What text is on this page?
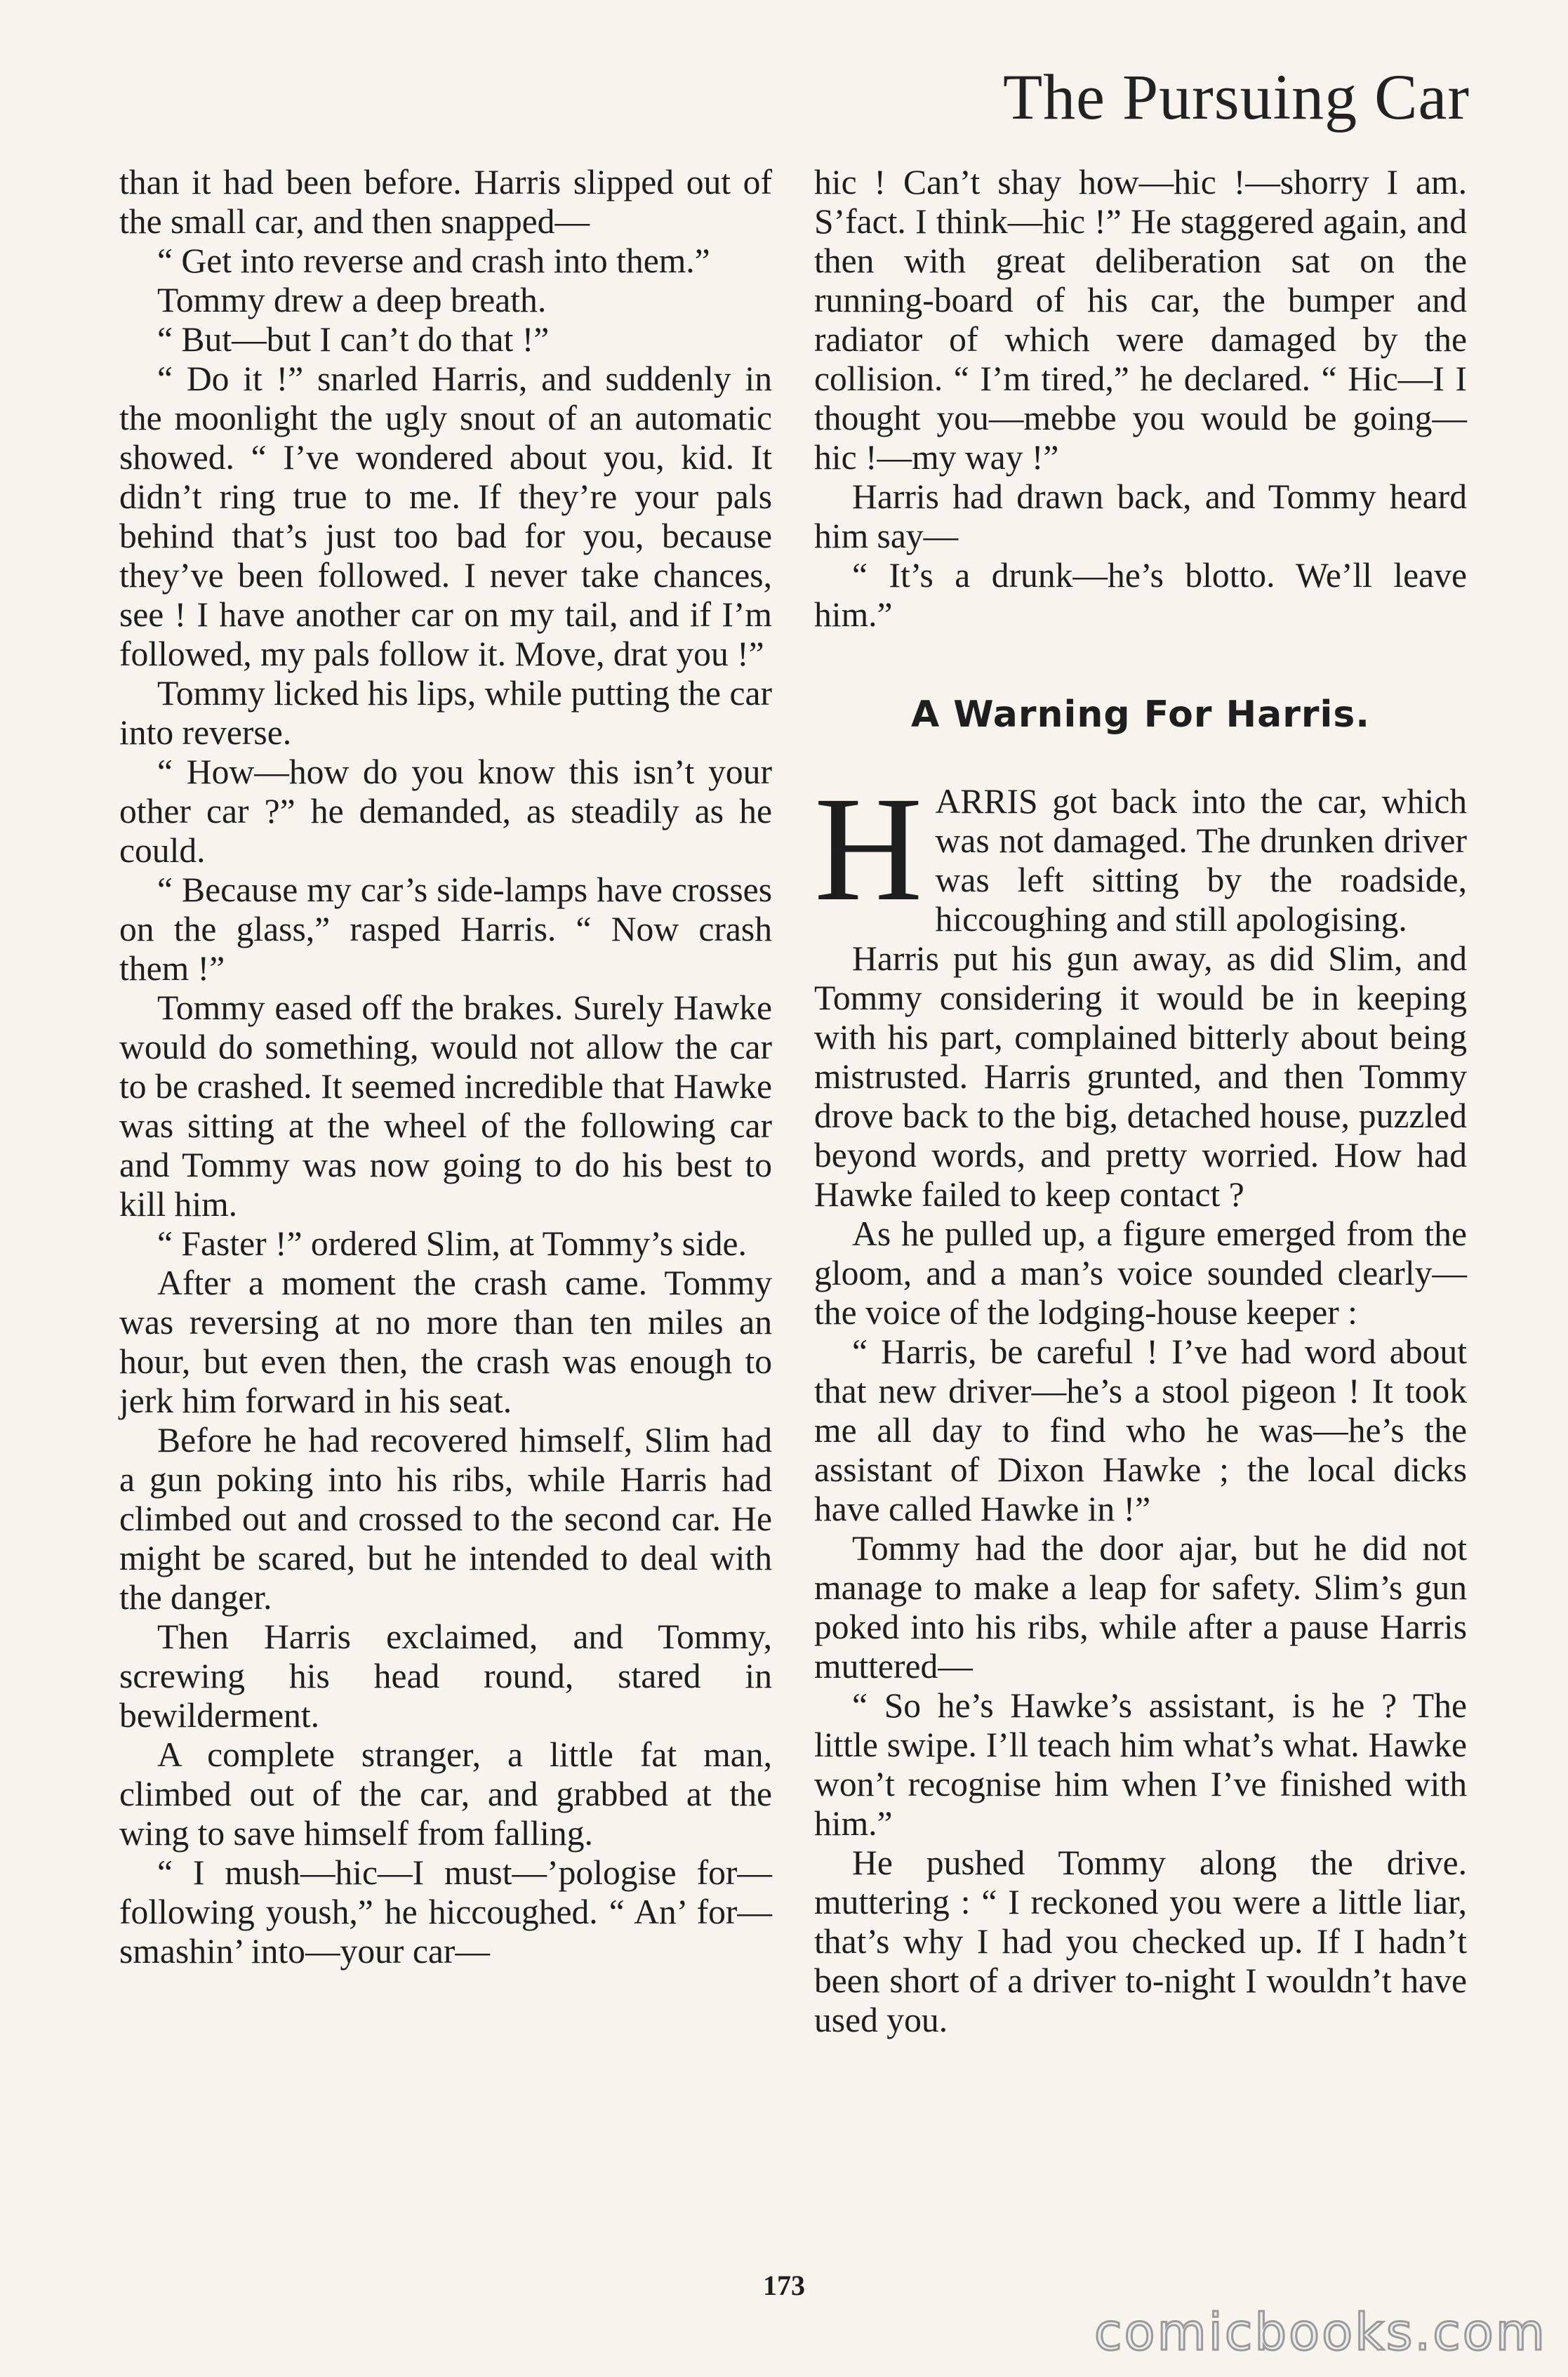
The Pursuing Car

than it had been before. Harris slipped out of the small car, and then snapped—

“ Get into reverse and crash into them.”

Tommy drew a deep breath.

“ But—but I can’t do that !”

“ Do it !” snarled Harris, and suddenly in the moonlight the ugly snout of an automatic showed. “ I’ve wondered about you, kid. It didn’t ring true to me. If they’re your pals behind that’s just too bad for you, because they’ve been followed. I never take chances, see ! I have another car on my tail, and if I’m followed, my pals follow it. Move, drat you !”

Tommy licked his lips, while putting the car into reverse.

“ How—how do you know this isn’t your other car ?” he demanded, as steadily as he could.

“ Because my car’s side-lamps have crosses on the glass,” rasped Harris. “ Now crash them !”

Tommy eased off the brakes. Surely Hawke would do something, would not allow the car to be crashed. It seemed incredible that Hawke was sitting at the wheel of the following car and Tommy was now going to do his best to kill him.

“ Faster !” ordered Slim, at Tommy’s side.

After a moment the crash came. Tommy was reversing at no more than ten miles an hour, but even then, the crash was enough to jerk him forward in his seat.

Before he had recovered himself, Slim had a gun poking into his ribs, while Harris had climbed out and crossed to the second car. He might be scared, but he intended to deal with the danger.

Then Harris exclaimed, and Tommy, screwing his head round, stared in bewilderment.

A complete stranger, a little fat man, climbed out of the car, and grabbed at the wing to save himself from falling.

“ I mush—hic—I must—’pologise for—following yoush,” he hiccoughed. “ An’ for—smashin’ into—your car—

hic ! Can’t shay how—hic !—shorry I am. S’fact. I think—hic !” He staggered again, and then with great deliberation sat on the running-board of his car, the bumper and radiator of which were damaged by the collision. “ I’m tired,” he declared. “ Hic—I I thought you—mebbe you would be going—hic !—my way !”

Harris had drawn back, and Tommy heard him say—

“ It’s a drunk—he’s blotto. We’ll leave him.”

A Warning For Harris.

HARRIS got back into the car, which was not damaged. The drunken driver was left sitting by the roadside, hiccoughing and still apologising.

Harris put his gun away, as did Slim, and Tommy considering it would be in keeping with his part, complained bitterly about being mistrusted. Harris grunted, and then Tommy drove back to the big, detached house, puzzled beyond words, and pretty worried. How had Hawke failed to keep contact ?

As he pulled up, a figure emerged from the gloom, and a man’s voice sounded clearly—the voice of the lodging-house keeper :

“ Harris, be careful ! I’ve had word about that new driver—he’s a stool pigeon ! It took me all day to find who he was—he’s the assistant of Dixon Hawke ; the local dicks have called Hawke in !”

Tommy had the door ajar, but he did not manage to make a leap for safety. Slim’s gun poked into his ribs, while after a pause Harris muttered—

“ So he’s Hawke’s assistant, is he ? The little swipe. I’ll teach him what’s what. Hawke won’t recognise him when I’ve finished with him.”

He pushed Tommy along the drive. muttering : “ I reckoned you were a little liar, that’s why I had you checked up. If I hadn’t been short of a driver to-night I wouldn’t have used you.

173
comicbooks.com
